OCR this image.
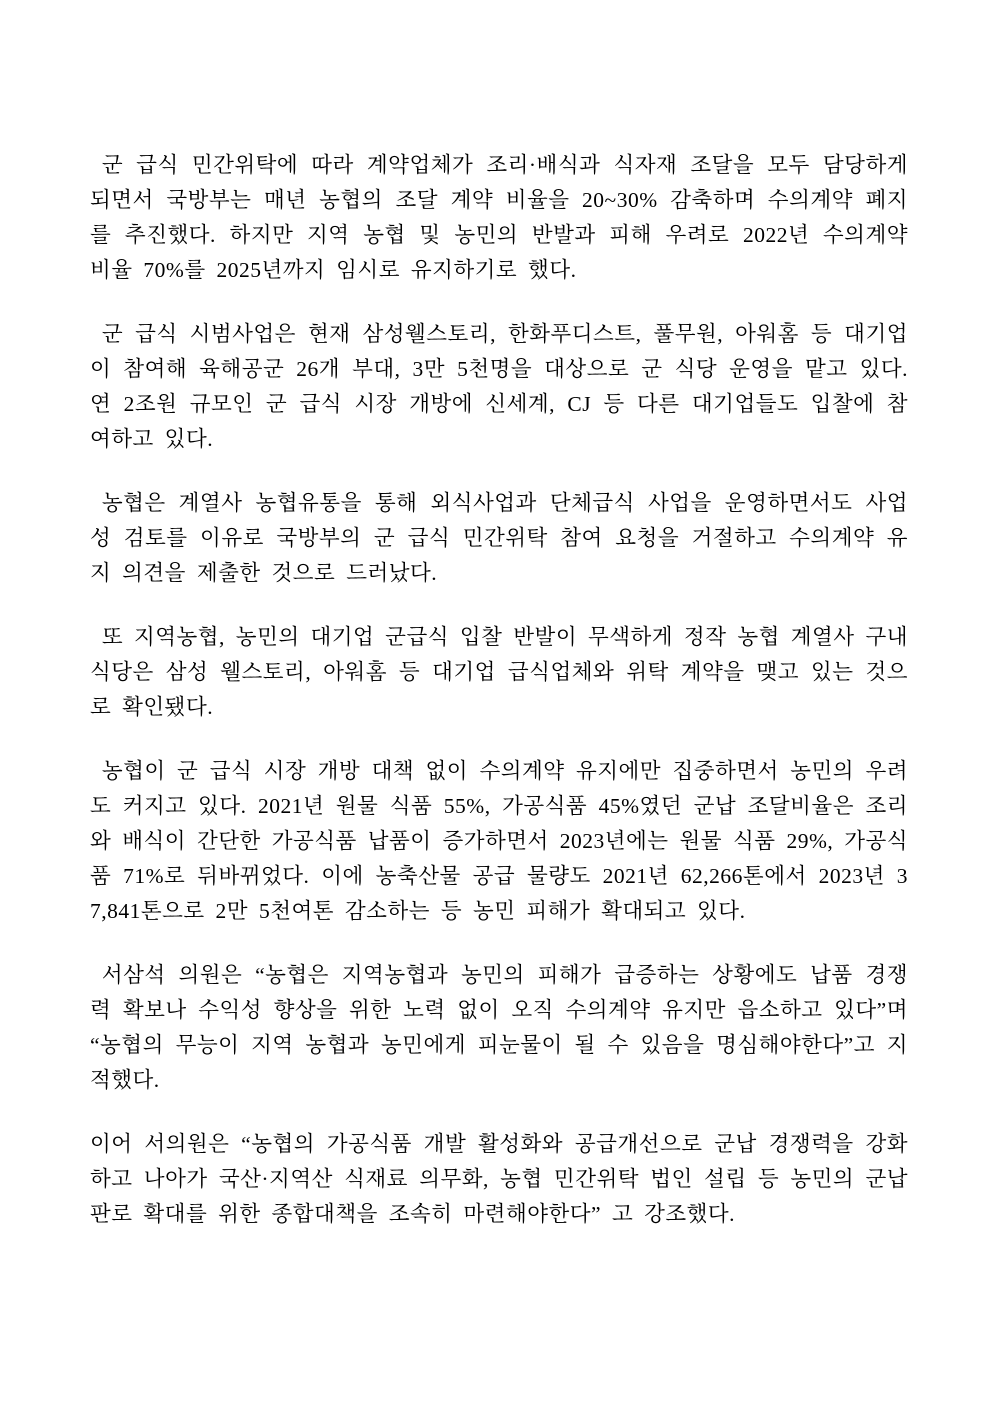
군 급식 민간위탁에 따라 계약업체가 조리·배식과 식자재 조달을 모두 담당하게 되면서 국방부는 매년 농협의 조달 계약 비율을 20~30% 감축하며 수의계약 폐지를 추진했다. 하지만 지역 농협 및 농민의 반발과 피해 우려로 2022년 수의계약 비율 70%를 2025년까지 임시로 유지하기로 했다.

군 급식 시범사업은 현재 삼성웰스토리, 한화푸디스트, 풀무원, 아워홈 등 대기업이 참여해 육해공군 26개 부대, 3만 5천명을 대상으로 군 식당 운영을 맡고 있다. 연 2조원 규모인 군 급식 시장 개방에 신세계, CJ 등 다른 대기업들도 입찰에 참여하고 있다.

농협은 계열사 농협유통을 통해 외식사업과 단체급식 사업을 운영하면서도 사업성 검토를 이유로 국방부의 군 급식 민간위탁 참여 요청을 거절하고 수의계약 유지 의견을 제출한 것으로 드러났다.

또 지역농협, 농민의 대기업 군급식 입찰 반발이 무색하게 정작 농협 계열사 구내식당은 삼성 웰스토리, 아워홈 등 대기업 급식업체와 위탁 계약을 맺고 있는 것으로 확인됐다.

농협이 군 급식 시장 개방 대책 없이 수의계약 유지에만 집중하면서 농민의 우려도 커지고 있다. 2021년 원물 식품 55%, 가공식품 45%였던 군납 조달비율은 조리와 배식이 간단한 가공식품 납품이 증가하면서 2023년에는 원물 식품 29%, 가공식품 71%로 뒤바뀌었다. 이에 농축산물 공급 물량도 2021년 62,266톤에서 2023년 37,841톤으로 2만 5천여톤 감소하는 등 농민 피해가 확대되고 있다.

서삼석 의원은 “농협은 지역농협과 농민의 피해가 급증하는 상황에도 납품 경쟁력 확보나 수익성 향상을 위한 노력 없이 오직 수의계약 유지만 읍소하고 있다”며 “농협의 무능이 지역 농협과 농민에게 피눈물이 될 수 있음을 명심해야한다”고 지적했다.

이어 서의원은 “농협의 가공식품 개발 활성화와 공급개선으로 군납 경쟁력을 강화하고 나아가 국산·지역산 식재료 의무화, 농협 민간위탁 법인 설립 등 농민의 군납 판로 확대를 위한 종합대책을 조속히 마련해야한다” 고 강조했다.
